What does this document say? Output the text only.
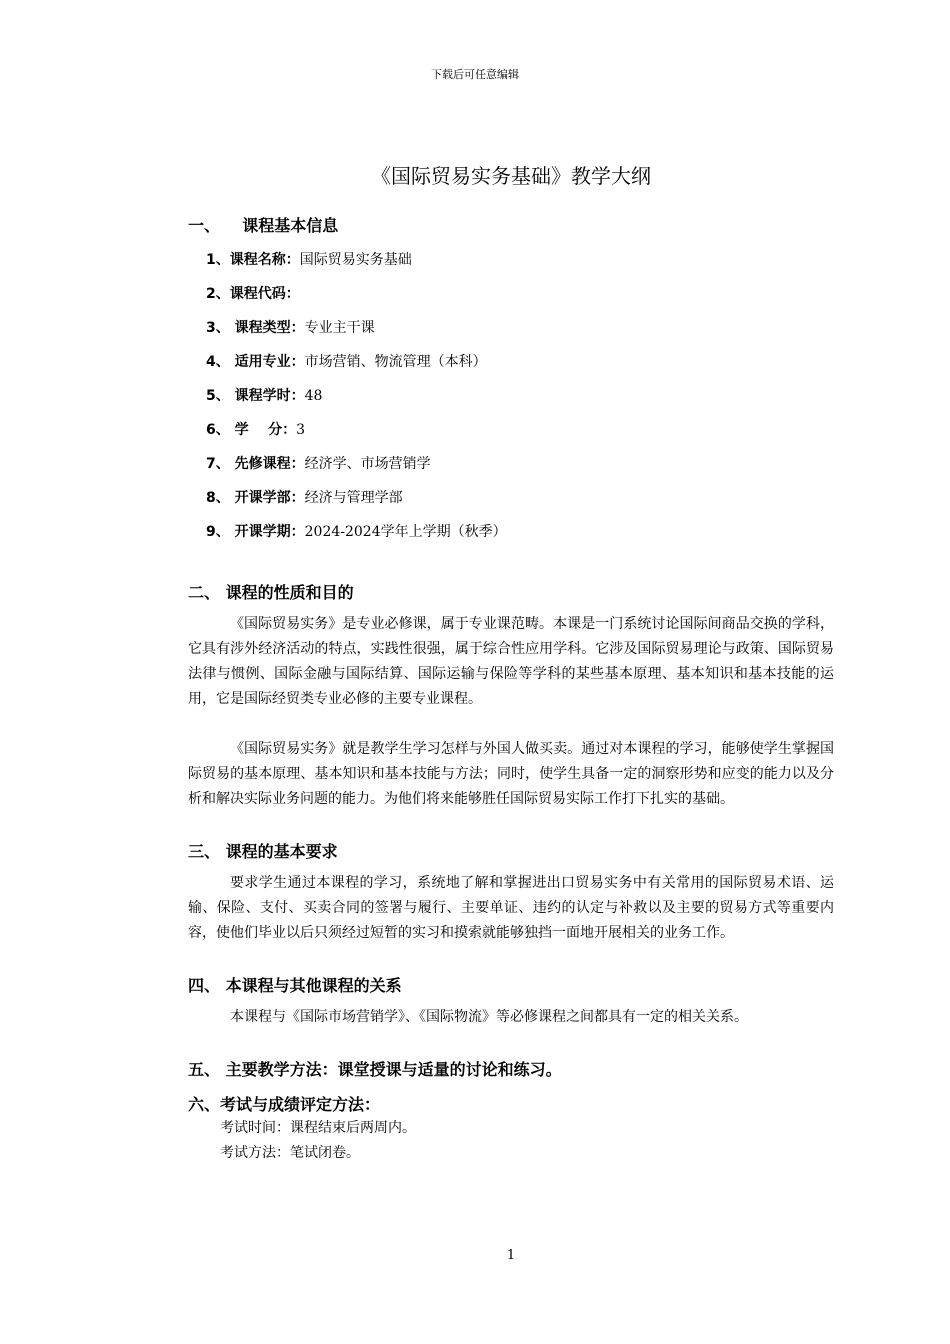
下载后可任意编辑
《国际贸易实务基础》教学大纲
一、    课程基本信息
1、课程名称：国际贸易实务基础
2、课程代码：
3、 课程类型：专业主干课
4、 适用专业：市场营销、物流管理（本科）
5、 课程学时：48
6、 学    分：3
7、 先修课程：经济学、市场营销学
8、 开课学部：经济与管理学部
9、 开课学期：2024-2024学年上学期（秋季）
二、 课程的性质和目的
《国际贸易实务》是专业必修课，属于专业课范畴。本课是一门系统讨论国际间商品交换的学科，它具有涉外经济活动的特点，实践性很强，属于综合性应用学科。它涉及国际贸易理论与政策、国际贸易法律与惯例、国际金融与国际结算、国际运输与保险等学科的某些基本原理、基本知识和基本技能的运用，它是国际经贸类专业必修的主要专业课程。
《国际贸易实务》就是教学生学习怎样与外国人做买卖。通过对本课程的学习，能够使学生掌握国际贸易的基本原理、基本知识和基本技能与方法；同时，使学生具备一定的洞察形势和应变的能力以及分析和解决实际业务问题的能力。为他们将来能够胜任国际贸易实际工作打下扎实的基础。
三、 课程的基本要求
要求学生通过本课程的学习，系统地了解和掌握进出口贸易实务中有关常用的国际贸易术语、运输、保险、支付、买卖合同的签署与履行、主要单证、违约的认定与补救以及主要的贸易方式等重要内容，使他们毕业以后只须经过短暂的实习和摸索就能够独挡一面地开展相关的业务工作。
四、 本课程与其他课程的关系
本课程与《国际市场营销学》、《国际物流》等必修课程之间都具有一定的相关关系。
五、 主要教学方法：课堂授课与适量的讨论和练习。
六、考试与成绩评定方法：
考试时间：课程结束后两周内。
考试方法：笔试闭卷。
1
